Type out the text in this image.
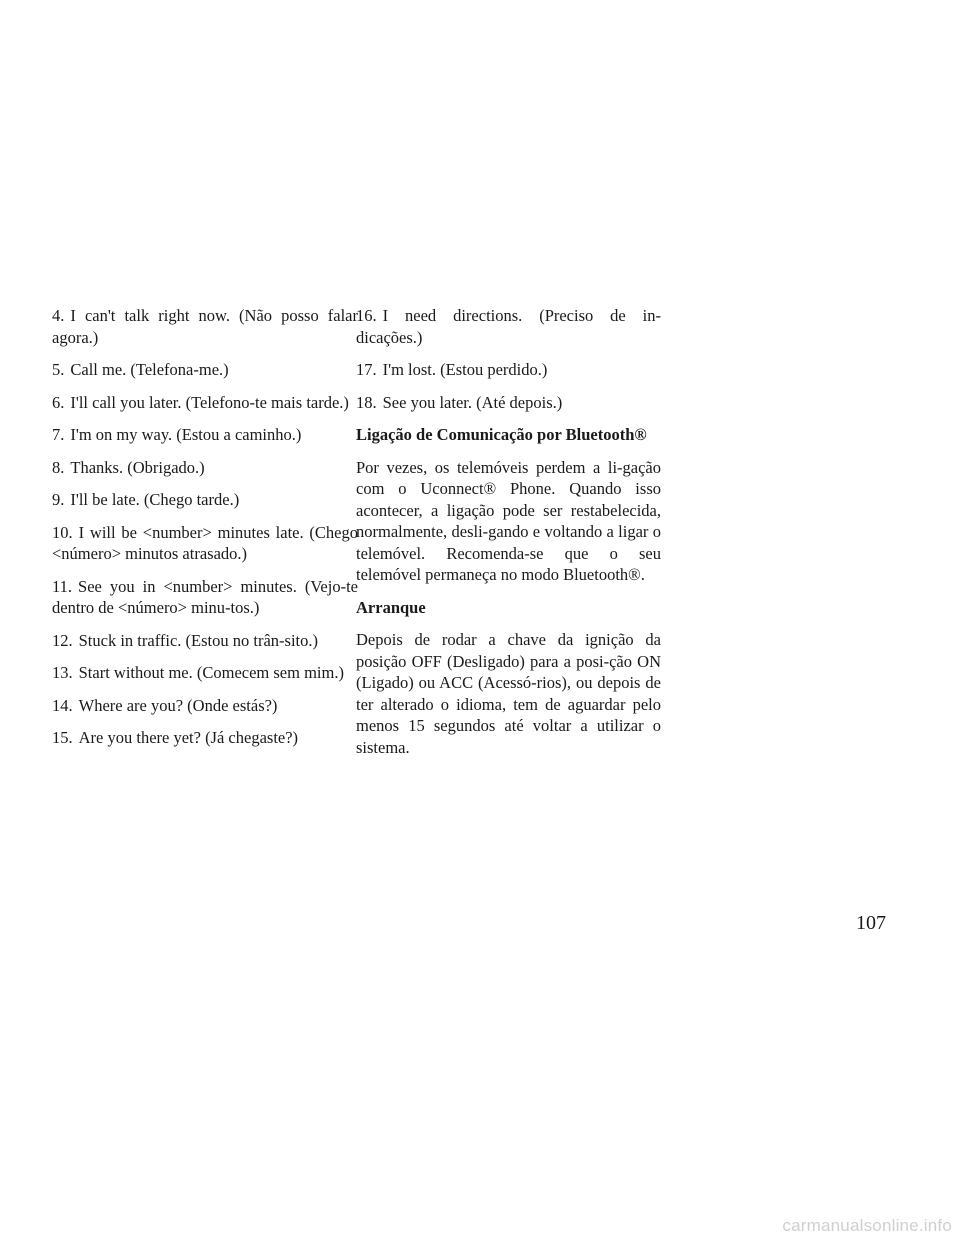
4. I can't talk right now. (Não posso falar agora.)

5. Call me. (Telefona-me.)

6. I'll call you later. (Telefono-te mais tarde.)

7. I'm on my way. (Estou a caminho.)

8. Thanks. (Obrigado.)

9. I'll be late. (Chego tarde.)

10. I will be <number> minutes late. (Chego <número> minutos atrasado.)

11. See you in <number> minutes. (Vejo-te dentro de <número> minu-tos.)

12. Stuck in traffic. (Estou no trân-sito.)

13. Start without me. (Comecem sem mim.)

14. Where are you? (Onde estás?)

15. Are you there yet? (Já chegaste?)

16. I need directions. (Preciso de in-dicações.)

17. I'm lost. (Estou perdido.)

18. See you later. (Até depois.)

Ligação de Comunicação por Bluetooth®

Por vezes, os telemóveis perdem a li-gação com o Uconnect® Phone. Quando isso acontecer, a ligação pode ser restabelecida, normalmente, desli-gando e voltando a ligar o telemóvel. Recomenda-se que o seu telemóvel permaneça no modo Bluetooth®.

Arranque

Depois de rodar a chave da ignição da posição OFF (Desligado) para a posi-ção ON (Ligado) ou ACC (Acessó-rios), ou depois de ter alterado o idioma, tem de aguardar pelo menos 15 segundos até voltar a utilizar o sistema.

107
carmanualsonline.info
